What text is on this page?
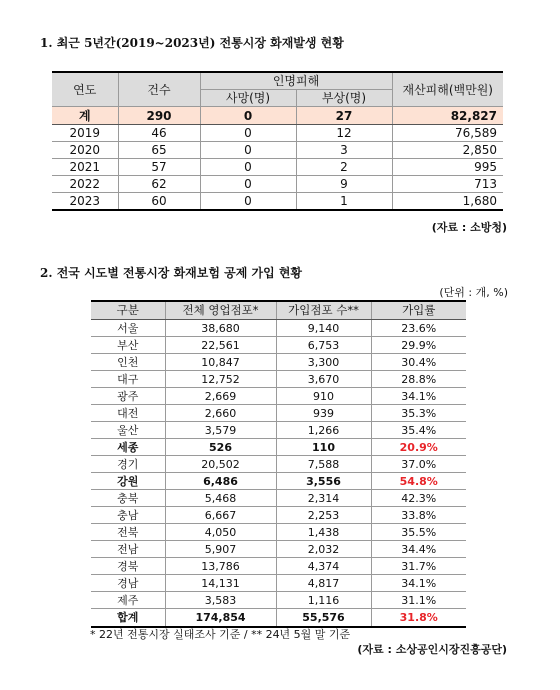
1. 최근 5년간(2019~2023년) 전통시장 화재발생 현황
연도	건수	인명피해		재산피해(백만원)
		사망(명)	부상(명)	
계	290	0	27	82,827
2019	46	0	12	76,589
2020	65	0	3	2,850
2021	57	0	2	995
2022	62	0	9	713
2023	60	0	1	1,680
(자료 : 소방청)
2. 전국 시도별 전통시장 화재보험 공제 가입 현황
(단위 : 개, %)
구분	전체 영업점포*	가입점포 수**	가입률
서울	38,680	9,140	23.6%
부산	22,561	6,753	29.9%
인천	10,847	3,300	30.4%
대구	12,752	3,670	28.8%
광주	2,669	910	34.1%
대전	2,660	939	35.3%
울산	3,579	1,266	35.4%
세종	526	110	20.9%
경기	20,502	7,588	37.0%
강원	6,486	3,556	54.8%
충북	5,468	2,314	42.3%
충남	6,667	2,253	33.8%
전북	4,050	1,438	35.5%
전남	5,907	2,032	34.4%
경북	13,786	4,374	31.7%
경남	14,131	4,817	34.1%
제주	3,583	1,116	31.1%
합계	174,854	55,576	31.8%
* 22년 전통시장 실태조사 기준 / ** 24년 5월 말 기준
(자료 : 소상공인시장진흥공단)
